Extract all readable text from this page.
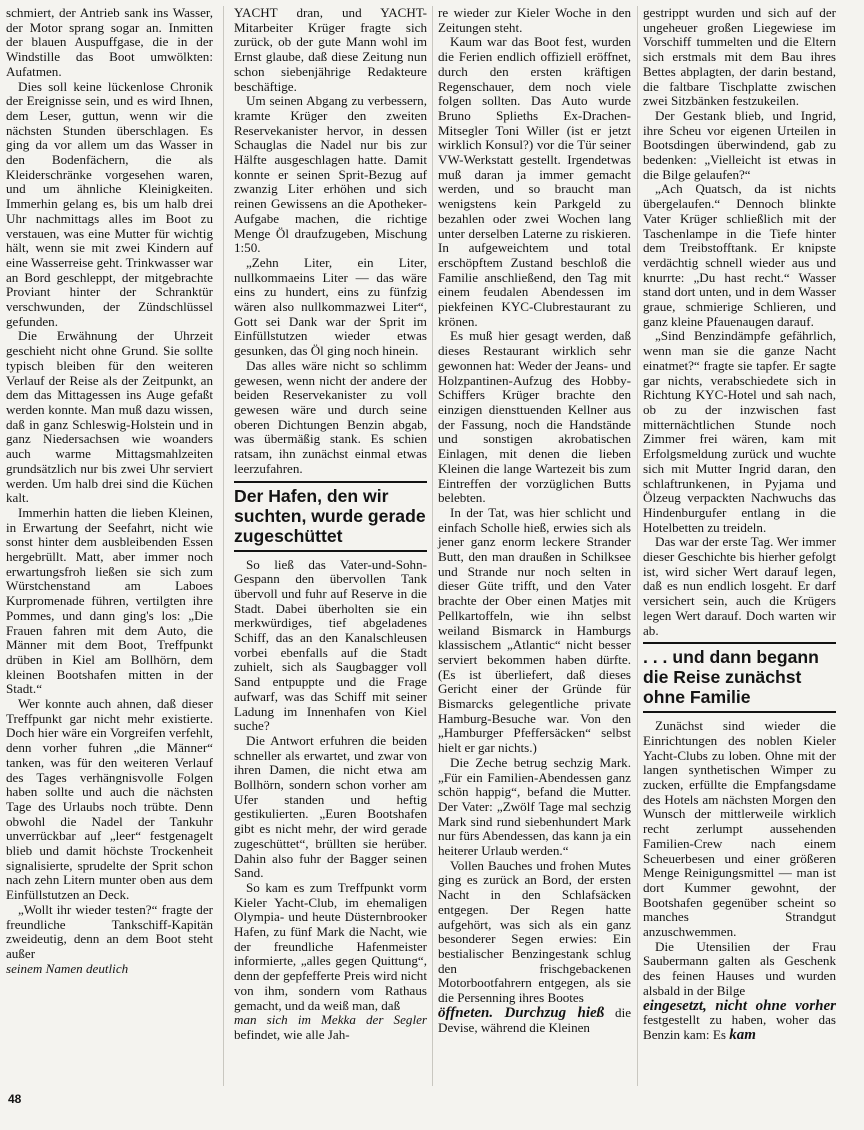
schmiert, der Antrieb sank ins Wasser, der Motor sprang sogar an. Inmitten der blauen Auspuffgase, die in der Windstille das Boot umwölkten: Aufatmen.

Dies soll keine lückenlose Chronik der Ereignisse sein, und es wird Ihnen, dem Leser, guttun, wenn wir die nächsten Stunden überschlagen. Es ging da vor allem um das Wasser in den Bodenfächern, die als Kleiderschränke vorgesehen waren, und um ähnliche Kleinigkeiten. Immerhin gelang es, bis um halb drei Uhr nachmittags alles im Boot zu verstauen, was eine Mutter für wichtig hält, wenn sie mit zwei Kindern auf eine Wasserreise geht. Trinkwasser war an Bord geschleppt, der mitgebrachte Proviant hinter der Schranktür verschwunden, der Zündschlüssel gefunden.

Die Erwähnung der Uhrzeit geschieht nicht ohne Grund. Sie sollte typisch bleiben für den weiteren Verlauf der Reise als der Zeitpunkt, an dem das Mittagessen ins Auge gefaßt werden konnte. Man muß dazu wissen, daß in ganz Schleswig-Holstein und in ganz Niedersachsen wie woanders auch warme Mittagsmahlzeiten grundsätzlich nur bis zwei Uhr serviert werden. Um halb drei sind die Küchen kalt.

Immerhin hatten die lieben Kleinen, in Erwartung der Seefahrt, nicht wie sonst hinter dem ausbleibenden Essen hergebrüllt. Matt, aber immer noch erwartungsfroh ließen sie sich zum Würstchenstand am Laboes Kurpromenade führen, vertilgten ihre Pommes, und dann ging's los: „Die Frauen fahren mit dem Auto, die Männer mit dem Boot, Treffpunkt drüben in Kiel am Bollhörn, dem kleinen Bootshafen mitten in der Stadt.“

Wer konnte auch ahnen, daß dieser Treffpunkt gar nicht mehr existierte. Doch hier wäre ein Vorgreifen verfehlt, denn vorher fuhren „die Männer“ tanken, was für den weiteren Verlauf des Tages verhängnisvolle Folgen haben sollte und auch die nächsten Tage des Urlaubs noch trübte. Denn obwohl die Nadel der Tankuhr unverrückbar auf „leer“ festgenagelt blieb und damit höchste Trockenheit signalisierte, sprudelte der Sprit schon nach zehn Litern munter oben aus dem Einfüllstutzen an Deck.

„Wollt ihr wieder testen?“ fragte der freundliche Tankschiff-Kapitän zweideutig, denn an dem Boot steht außer

seinem Namen deutlich

YACHT dran, und YACHT-Mitarbeiter Krüger fragte sich zurück, ob der gute Mann wohl im Ernst glaube, daß diese Zeitung nun schon siebenjährige Redakteure beschäftige.

Um seinen Abgang zu verbessern, kramte Krüger den zweiten Reservekanister hervor, in dessen Schauglas die Nadel nur bis zur Hälfte ausgeschlagen hatte. Damit konnte er seinen Sprit-Bezug auf zwanzig Liter erhöhen und sich reinen Gewissens an die Apotheker-Aufgabe machen, die richtige Menge Öl draufzugeben, Mischung 1:50.

„Zehn Liter, ein Liter, nullkommaeins Liter — das wäre eins zu hundert, eins zu fünfzig wären also nullkommazwei Liter“, Gott sei Dank war der Sprit im Einfüllstutzen wieder etwas gesunken, das Öl ging noch hinein.

Das alles wäre nicht so schlimm gewesen, wenn nicht der andere der beiden Reservekanister zu voll gewesen wäre und durch seine oberen Dichtungen Benzin abgab, was übermäßig stank. Es schien ratsam, ihn zunächst einmal etwas leerzufahren.

Der Hafen, den wir
suchten, wurde gerade
zugeschüttet

So ließ das Vater-und-Sohn-Gespann den übervollen Tank übervoll und fuhr auf Reserve in die Stadt. Dabei überholten sie ein merkwürdiges, tief abgeladenes Schiff, das an den Kanalschleusen vorbei ebenfalls auf die Stadt zuhielt, sich als Saugbagger voll Sand entpuppte und die Frage aufwarf, was das Schiff mit seiner Ladung im Innenhafen von Kiel suche?

Die Antwort erfuhren die beiden schneller als erwartet, und zwar von ihren Damen, die nicht etwa am Bollhörn, sondern schon vorher am Ufer standen und heftig gestikulierten. „Euren Bootshafen gibt es nicht mehr, der wird gerade zugeschüttet“, brüllten sie herüber. Dahin also fuhr der Bagger seinen Sand.

So kam es zum Treffpunkt vorm Kieler Yacht-Club, im ehemaligen Olympia- und heute Düsternbrooker Hafen, zu fünf Mark die Nacht, wie der freundliche Hafenmeister informierte, „alles gegen Quittung“, denn der gepfefferte Preis wird nicht von ihm, sondern vom Rathaus gemacht, und da weiß man, daß

man sich im Mekka der Segler befindet, wie alle Jah-

re wieder zur Kieler Woche in den Zeitungen steht.

Kaum war das Boot fest, wurden die Ferien endlich offiziell eröffnet, durch den ersten kräftigen Regenschauer, dem noch viele folgen sollten. Das Auto wurde Bruno Splieths Ex-Drachen-Mitsegler Toni Willer (ist er jetzt wirklich Konsul?) vor die Tür seiner VW-Werkstatt gestellt. Irgendetwas muß daran ja immer gemacht werden, und so braucht man wenigstens kein Parkgeld zu bezahlen oder zwei Wochen lang unter derselben Laterne zu riskieren. In aufgeweichtem und total erschöpftem Zustand beschloß die Familie anschließend, den Tag mit einem feudalen Abendessen im piekfeinen KYC-Clubrestaurant zu krönen.

Es muß hier gesagt werden, daß dieses Restaurant wirklich sehr gewonnen hat: Weder der Jeans- und Holzpantinen-Aufzug des Hobby-Schiffers Krüger brachte den einzigen diensttuenden Kellner aus der Fassung, noch die Handstände und sonstigen akrobatischen Einlagen, mit denen die lieben Kleinen die lange Wartezeit bis zum Eintreffen der vorzüglichen Butts belebten.

In der Tat, was hier schlicht und einfach Scholle hieß, erwies sich als jener ganz enorm leckere Strander Butt, den man draußen in Schilksee und Strande nur noch selten in dieser Güte trifft, und den Vater brachte der Ober einen Matjes mit Pellkartoffeln, wie ihn selbst weiland Bismarck in Hamburgs klassischem „Atlantic“ nicht besser serviert bekommen haben dürfte. (Es ist überliefert, daß dieses Gericht einer der Gründe für Bismarcks gelegentliche private Hamburg-Besuche war. Von den „Hamburger Pfeffersäcken“ selbst hielt er gar nichts.)

Die Zeche betrug sechzig Mark. „Für ein Familien-Abendessen ganz schön happig“, befand die Mutter. Der Vater: „Zwölf Tage mal sechzig Mark sind rund siebenhundert Mark nur fürs Abendessen, das kann ja ein heiterer Urlaub werden.“

Vollen Bauches und frohen Mutes ging es zurück an Bord, der ersten Nacht in den Schlafsäcken entgegen. Der Regen hatte aufgehört, was sich als ein ganz besonderer Segen erwies: Ein bestialischer Benzingestank schlug den frischgebackenen Motorbootfahrern entgegen, als sie die Persenning ihres Bootes

öffneten. Durchzug hieß die Devise, während die Kleinen

gestrippt wurden und sich auf der ungeheuer großen Liegewiese im Vorschiff tummelten und die Eltern sich erstmals mit dem Bau ihres Bettes abplagten, der darin bestand, die faltbare Tischplatte zwischen zwei Sitzbänken festzukeilen.

Der Gestank blieb, und Ingrid, ihre Scheu vor eigenen Urteilen in Bootsdingen überwindend, gab zu bedenken: „Vielleicht ist etwas in die Bilge gelaufen?“

„Ach Quatsch, da ist nichts übergelaufen.“ Dennoch blinkte Vater Krüger schließlich mit der Taschenlampe in die Tiefe hinter dem Treibstofftank. Er knipste verdächtig schnell wieder aus und knurrte: „Du hast recht.“ Wasser stand dort unten, und in dem Wasser graue, schmierige Schlieren, und ganz kleine Pfauenaugen darauf.

„Sind Benzindämpfe gefährlich, wenn man sie die ganze Nacht einatmet?“ fragte sie tapfer. Er sagte gar nichts, verabschiedete sich in Richtung KYC-Hotel und sah nach, ob zu der inzwischen fast mitternächtlichen Stunde noch Zimmer frei wären, kam mit Erfolgsmeldung zurück und wuchte sich mit Mutter Ingrid daran, den schlaftrunkenen, in Pyjama und Ölzeug verpackten Nachwuchs das Hindenburgufer entlang in die Hotelbetten zu treideln.

Das war der erste Tag. Wer immer dieser Geschichte bis hierher gefolgt ist, wird sicher Wert darauf legen, daß es nun endlich losgeht. Er darf versichert sein, auch die Krügers legen Wert darauf. Doch warten wir ab.

. . . und dann begann
die Reise zunächst
ohne Familie

Zunächst sind wieder die Einrichtungen des noblen Kieler Yacht-Clubs zu loben. Ohne mit der langen synthetischen Wimper zu zucken, erfüllte die Empfangsdame des Hotels am nächsten Morgen den Wunsch der mittlerweile wirklich recht zerlumpt aussehenden Familien-Crew nach einem Scheuerbesen und einer größeren Menge Reinigungsmittel — man ist dort Kummer gewohnt, der Bootshafen gegenüber scheint so manches Strandgut anzuschwemmen.

Die Utensilien der Frau Saubermann galten als Geschenk des feinen Hauses und wurden alsbald in der Bilge

eingesetzt, nicht ohne vorher festgestellt zu haben, woher das Benzin kam: Es kam

48
